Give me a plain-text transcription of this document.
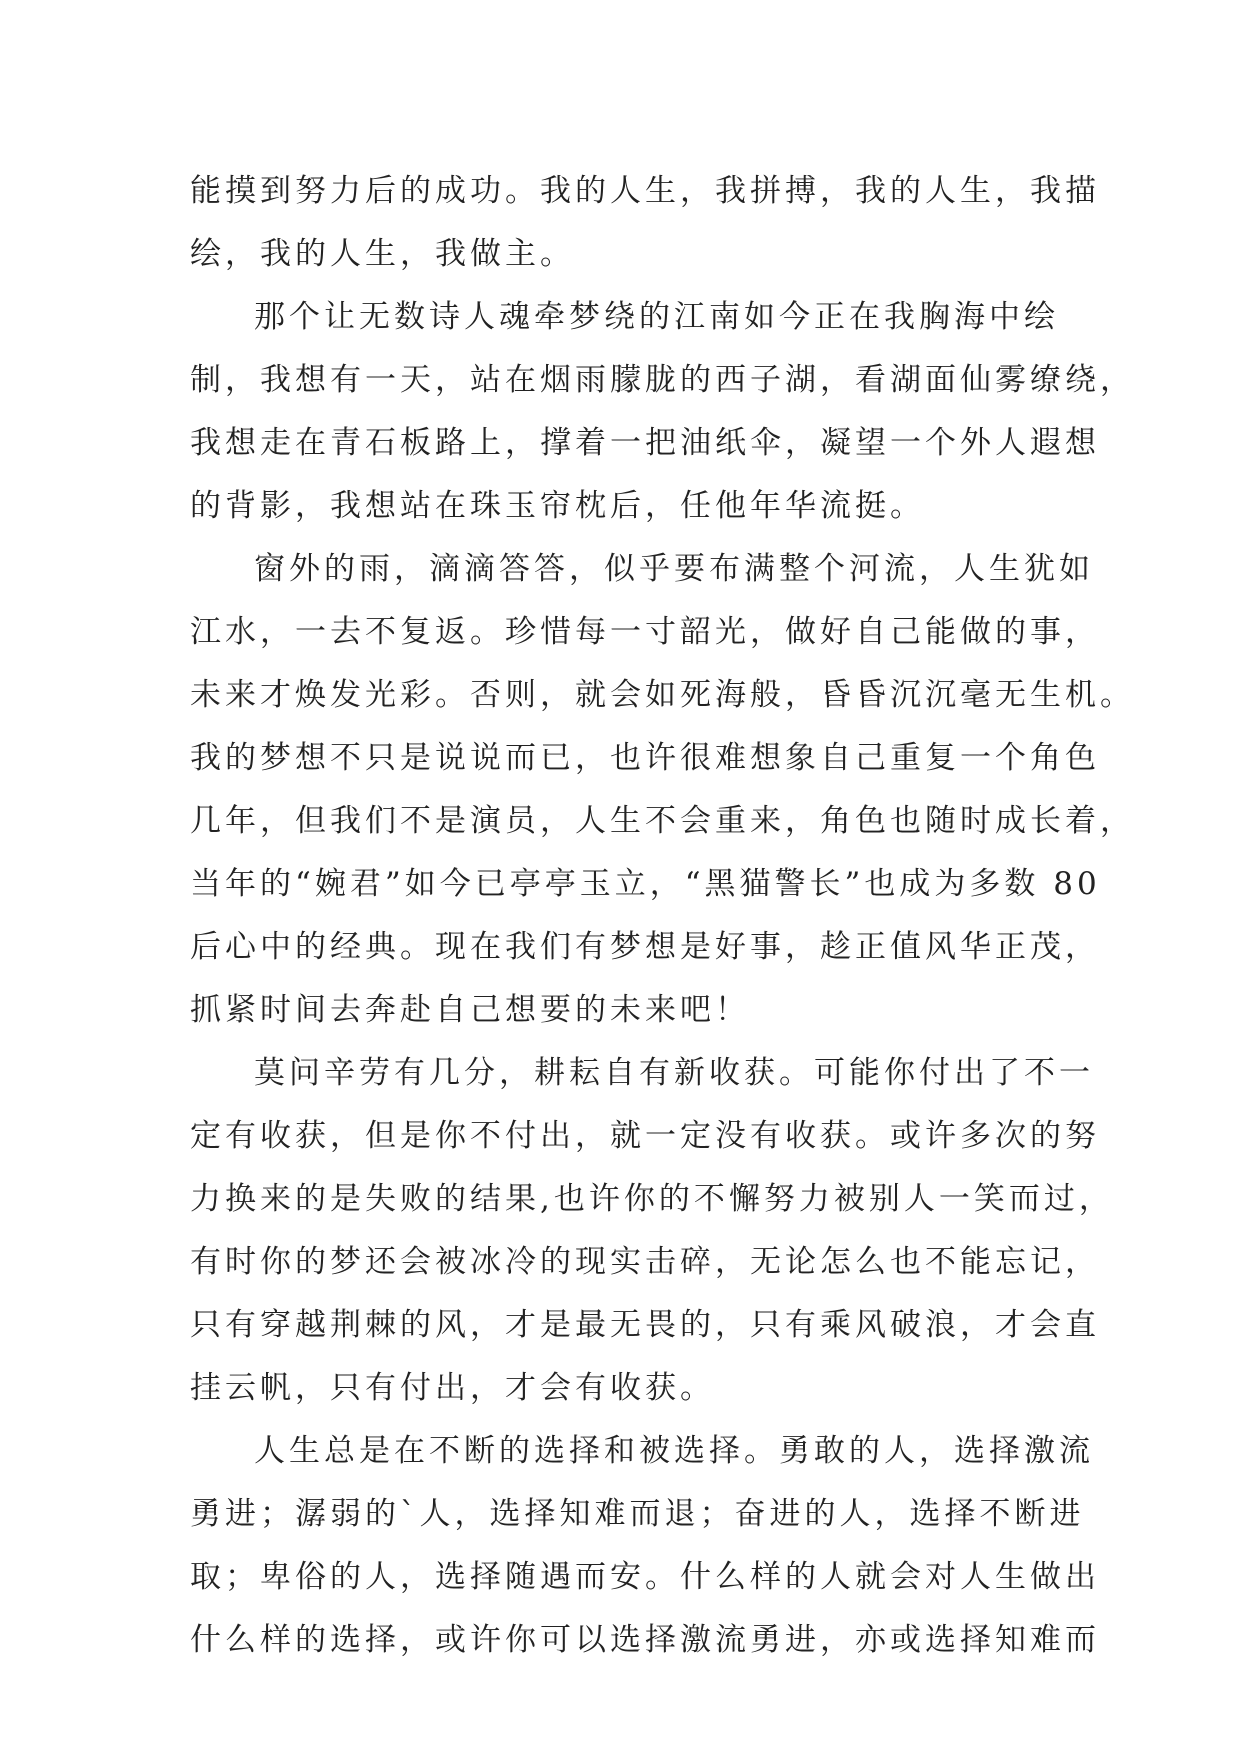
能摸到努力后的成功。我的人生，我拼搏，我的人生，我描
绘，我的人生，我做主。
那个让无数诗人魂牵梦绕的江南如今正在我胸海中绘
制，我想有一天，站在烟雨朦胧的西子湖，看湖面仙雾缭绕，
我想走在青石板路上，撑着一把油纸伞，凝望一个外人遐想
的背影，我想站在珠玉帘枕后，任他年华流挺。
窗外的雨，滴滴答答，似乎要布满整个河流，人生犹如
江水，一去不复返。珍惜每一寸韶光，做好自己能做的事，
未来才焕发光彩。否则，就会如死海般，昏昏沉沉毫无生机。
我的梦想不只是说说而已，也许很难想象自己重复一个角色
几年，但我们不是演员，人生不会重来，角色也随时成长着，
当年的“婉君”如今已亭亭玉立，“黑猫警长”也成为多数 80
后心中的经典。现在我们有梦想是好事，趁正值风华正茂，
抓紧时间去奔赴自己想要的未来吧！
莫问辛劳有几分，耕耘自有新收获。可能你付出了不一
定有收获，但是你不付出，就一定没有收获。或许多次的努
力换来的是失败的结果,也许你的不懈努力被别人一笑而过，
有时你的梦还会被冰冷的现实击碎，无论怎么也不能忘记，
只有穿越荆棘的风，才是最无畏的，只有乘风破浪，才会直
挂云帆，只有付出，才会有收获。
人生总是在不断的选择和被选择。勇敢的人，选择激流
勇进；潺弱的`人，选择知难而退；奋进的人，选择不断进
取；卑俗的人，选择随遇而安。什么样的人就会对人生做出
什么样的选择，或许你可以选择激流勇进，亦或选择知难而
